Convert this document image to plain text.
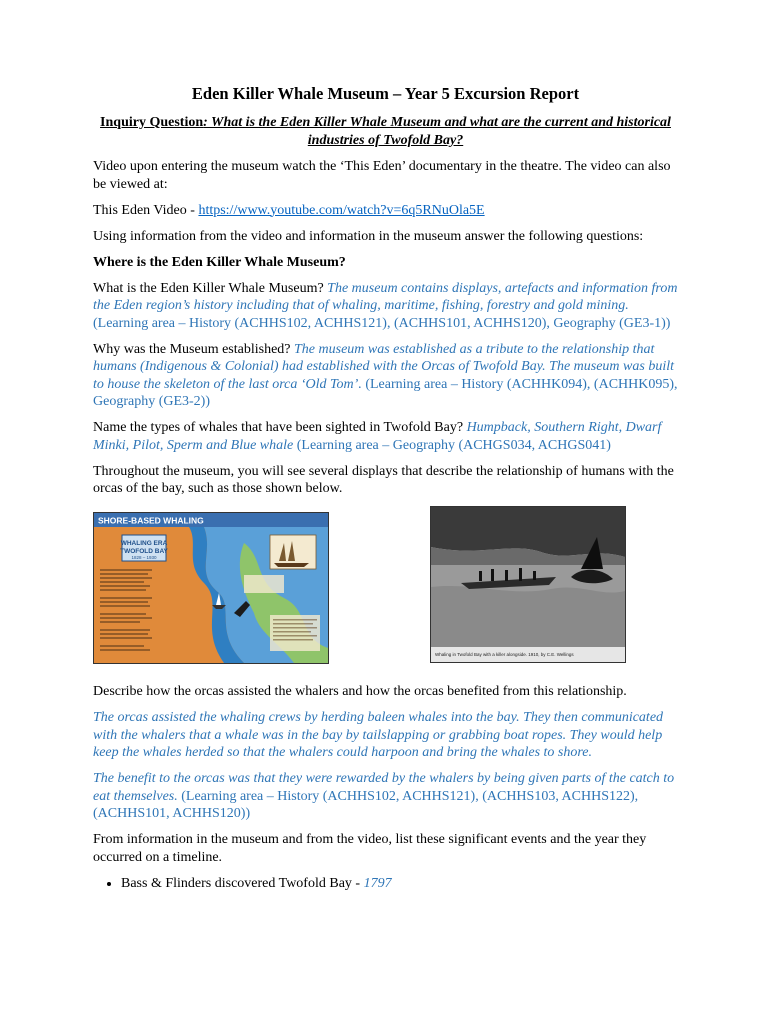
Eden Killer Whale Museum – Year 5 Excursion Report

Inquiry Question: What is the Eden Killer Whale Museum and what are the current and historical industries of Twofold Bay?

Video upon entering the museum watch the ‘This Eden’ documentary in the theatre. The video can also be viewed at:

This Eden Video - https://www.youtube.com/watch?v=6q5RNuOla5E

Using information from the video and information in the museum answer the following questions:

Where is the Eden Killer Whale Museum?

What is the Eden Killer Whale Museum? The museum contains displays, artefacts and information from the Eden region’s history including that of whaling, maritime, fishing, forestry and gold mining. (Learning area – History (ACHHS102, ACHHS121), (ACHHS101, ACHHS120), Geography (GE3-1))

Why was the Museum established? The museum was established as a tribute to the relationship that humans (Indigenous & Colonial) had established with the Orcas of Twofold Bay. The museum was built to house the skeleton of the last orca ‘Old Tom’. (Learning area – History (ACHHK094), (ACHHK095), Geography (GE3-2))

Name the types of whales that have been sighted in Twofold Bay? Humpback, Southern Right, Dwarf Minki, Pilot, Sperm and Blue whale (Learning area – Geography (ACHGS034, ACHGS041)

Throughout the museum, you will see several displays that describe the relationship of humans with the orcas of the bay, such as those shown below.

SHORE-BASED WHALING
WHALING ERA
TWOFOLD BAY
1828 – 1930
Whaling in Twofold Bay with a killer alongside. 1910, by C.E. Wellings

Describe how the orcas assisted the whalers and how the orcas benefited from this relationship.

The orcas assisted the whaling crews by herding baleen whales into the bay. They then communicated with the whalers that a whale was in the bay by tailslapping or grabbing boat ropes. They would help keep the whales herded so that the whalers could harpoon and bring the whales to shore.

The benefit to the orcas was that they were rewarded by the whalers by being given parts of the catch to eat themselves. (Learning area – History (ACHHS102, ACHHS121), (ACHHS103, ACHHS122), (ACHHS101, ACHHS120))

From information in the museum and from the video, list these significant events and the year they occurred on a timeline.

• Bass & Flinders discovered Twofold Bay - 1797
